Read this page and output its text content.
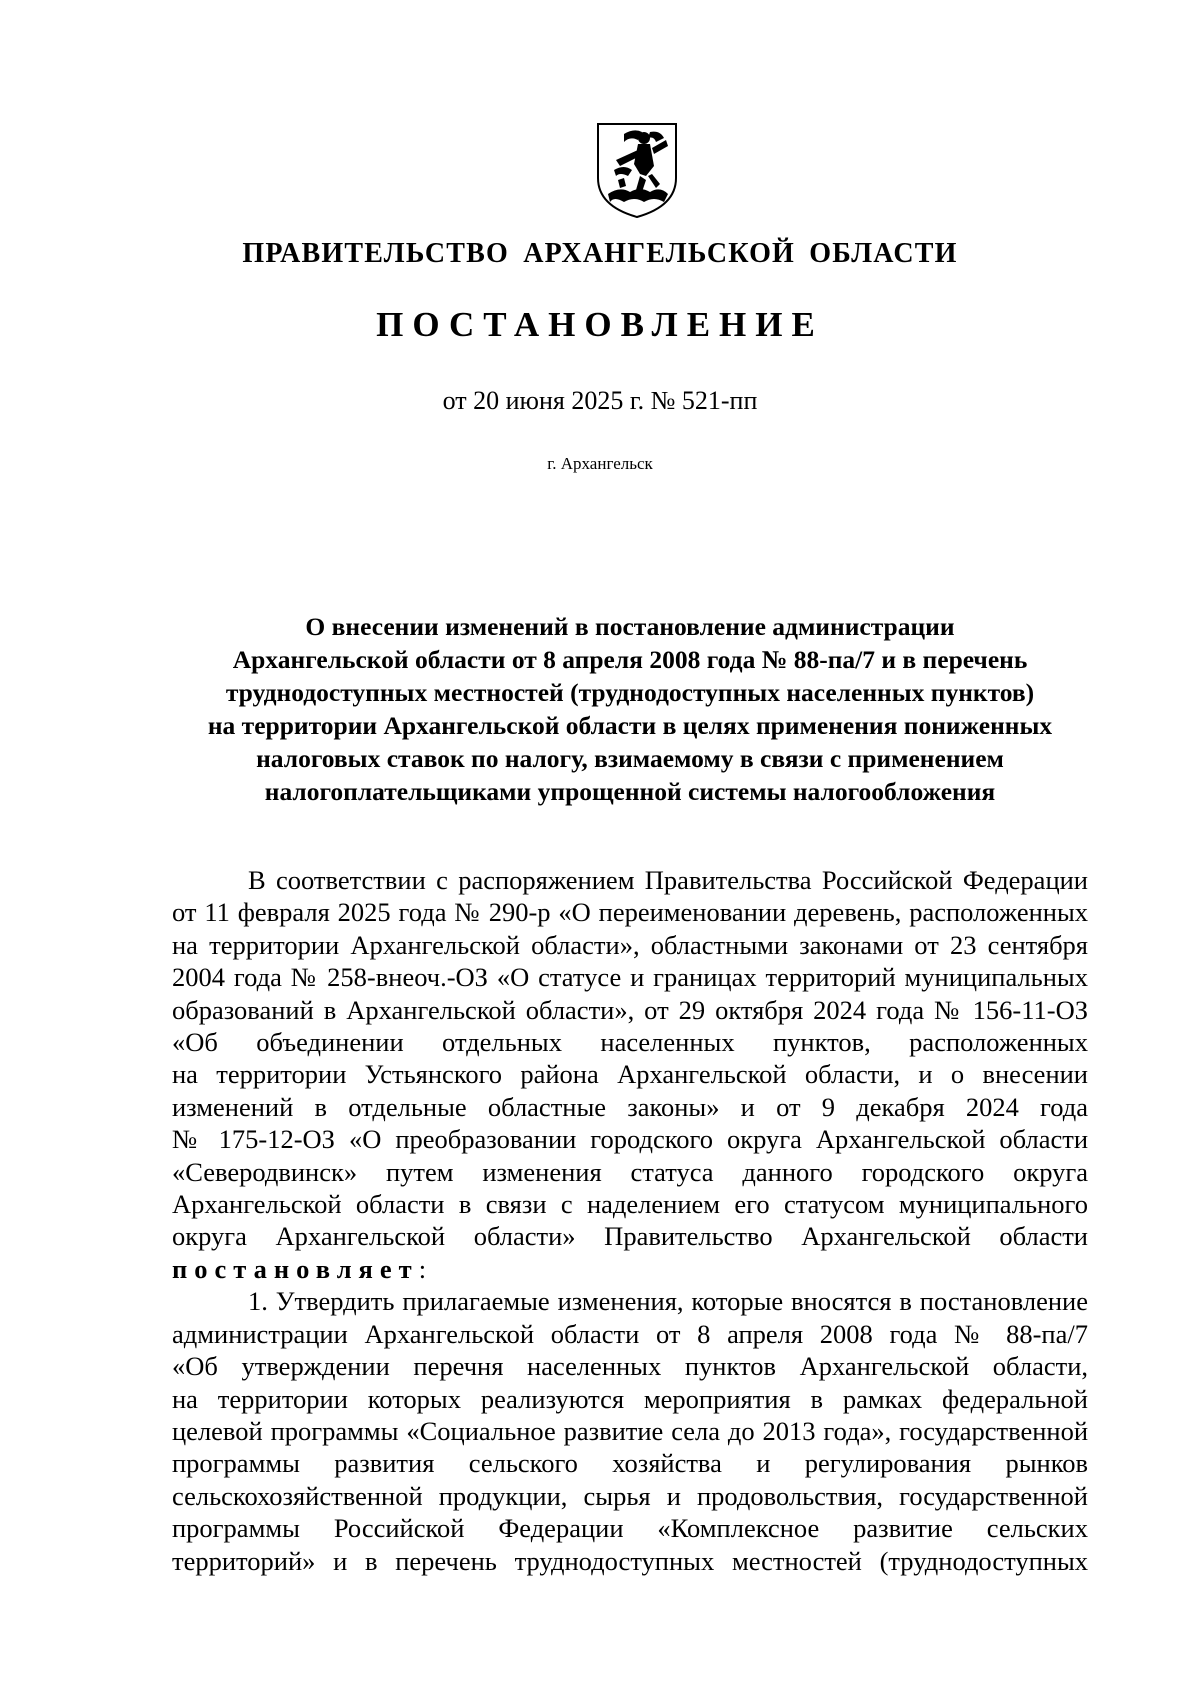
ПРАВИТЕЛЬСТВО АРХАНГЕЛЬСКОЙ ОБЛАСТИ
ПОСТАНОВЛЕНИЕ
от 20 июня 2025 г. № 521-пп
г. Архангельск
О внесении изменений в постановление администрации
Архангельской области от 8 апреля 2008 года № 88-па/7 и в перечень
труднодоступных местностей (труднодоступных населенных пунктов)
на территории Архангельской области в целях применения пониженных
налоговых ставок по налогу, взимаемому в связи с применением
налогоплательщиками упрощенной системы налогообложения
В соответствии с распоряжением Правительства Российской Федерации
от 11 февраля 2025 года № 290-р «О переименовании деревень, расположенных
на территории Архангельской области», областными законами от 23 сентября
2004 года № 258-внеоч.-ОЗ «О статусе и границах территорий муниципальных
образований в Архангельской области», от 29 октября 2024 года № 156-11-ОЗ
«Об объединении отдельных населенных пунктов, расположенных
на территории Устьянского района Архангельской области, и о внесении
изменений в отдельные областные законы» и от 9 декабря 2024 года
№ 175-12-ОЗ «О преобразовании городского округа Архангельской области
«Северодвинск» путем изменения статуса данного городского округа
Архангельской области в связи с наделением его статусом муниципального
округа Архангельской области» Правительство Архангельской области
постановляет:
1. Утвердить прилагаемые изменения, которые вносятся в постановление
администрации Архангельской области от 8 апреля 2008 года № 88-па/7
«Об утверждении перечня населенных пунктов Архангельской области,
на территории которых реализуются мероприятия в рамках федеральной
целевой программы «Социальное развитие села до 2013 года», государственной
программы развития сельского хозяйства и регулирования рынков
сельскохозяйственной продукции, сырья и продовольствия, государственной
программы Российской Федерации «Комплексное развитие сельских
территорий» и в перечень труднодоступных местностей (труднодоступных
